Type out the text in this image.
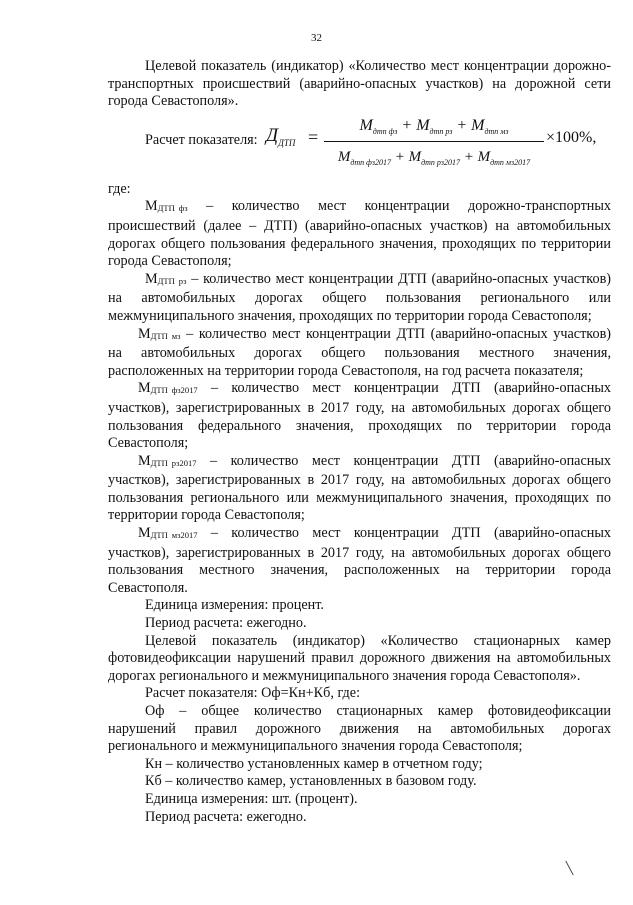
32

Целевой показатель (индикатор) «Количество мест концентрации дорожно-транспортных происшествий (аварийно-опасных участков) на дорожной сети города Севастополя».

Расчет показателя: $Д_{ДТП}$ =
$M_{дтп фз} + M_{дтп рз} + M_{дтп мз}$
$M_{дтп фз2017} + M_{дтп рз2017} + M_{дтп мз2017}$
×100%,

где:

$М_{ДТП}$ $_{фз}$ – количество мест концентрации дорожно-транспортных происшествий (далее – ДТП) (аварийно-опасных участков) на автомобильных дорогах общего пользования федерального значения, проходящих по территории города Севастополя;

$М_{ДТП}$ $_{рз}$ – количество мест концентрации ДТП (аварийно-опасных участков) на автомобильных дорогах общего пользования регионального или межмуниципального значения, проходящих по территории города Севастополя;

$М_{ДТП}$ $_{мз}$ – количество мест концентрации ДТП (аварийно-опасных участков) на автомобильных дорогах общего пользования местного значения, расположенных на территории города Севастополя, на год расчета показателя;

$М_{ДТП}$ $_{фз2017}$ – количество мест концентрации ДТП (аварийно-опасных участков), зарегистрированных в 2017 году, на автомобильных дорогах общего пользования федерального значения, проходящих по территории города Севастополя;

$М_{ДТП}$ $_{рз2017}$ – количество мест концентрации ДТП (аварийно-опасных участков), зарегистрированных в 2017 году, на автомобильных дорогах общего пользования регионального или межмуниципального значения, проходящих по территории города Севастополя;

$М_{ДТП}$ $_{мз2017}$ – количество мест концентрации ДТП (аварийно-опасных участков), зарегистрированных в 2017 году, на автомобильных дорогах общего пользования местного значения, расположенных на территории города Севастополя.

Единица измерения: процент.

Период расчета: ежегодно.

Целевой показатель (индикатор) «Количество стационарных камер фотовидеофиксации нарушений правил дорожного движения на автомобильных дорогах регионального и межмуниципального значения города Севастополя».

Расчет показателя: Оф=Кн+Кб, где:

Оф – общее количество стационарных камер фотовидеофиксации нарушений правил дорожного движения на автомобильных дорогах регионального и межмуниципального значения города Севастополя;

Кн – количество установленных камер в отчетном году;

Кб – количество камер, установленных в базовом году.

Единица измерения: шт. (процент).

Период расчета: ежегодно.
